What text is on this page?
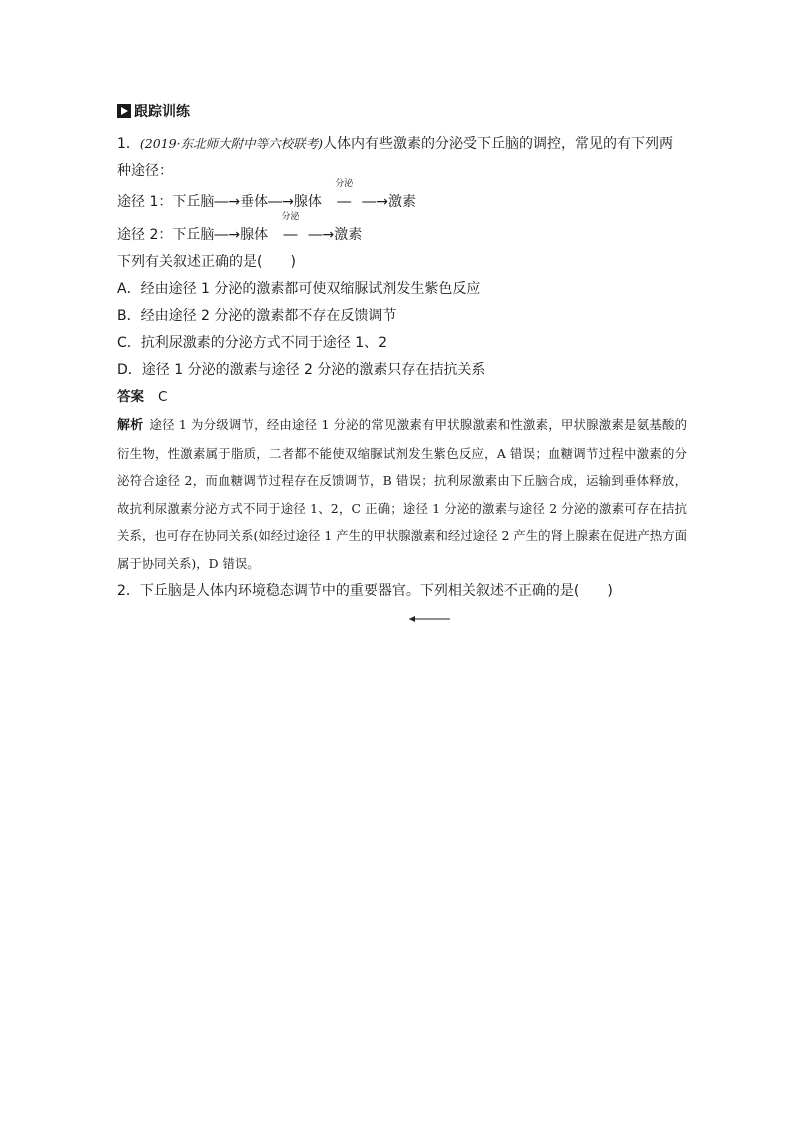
跟踪训练
1．(2019·东北师大附中等六校联考)人体内有些激素的分泌受下丘脑的调控，常见的有下列两
种途径：
途径 1：下丘脑―→垂体―→腺体
分泌
― ―→激素
途径 2：下丘脑―→腺体
分泌
― ―→激素
下列有关叙述正确的是(　　)
A．经由途径 1 分泌的激素都可使双缩脲试剂发生紫色反应
B．经由途径 2 分泌的激素都不存在反馈调节
C．抗利尿激素的分泌方式不同于途径 1、2
D．途径 1 分泌的激素与途径 2 分泌的激素只存在拮抗关系
答案 C
解析 途径 1 为分级调节，经由途径 1 分泌的常见激素有甲状腺激素和性激素，甲状腺激素是氨基酸的衍生物，性激素属于脂质，二者都不能使双缩脲试剂发生紫色反应，A 错误；血糖调节过程中激素的分泌符合途径 2，而血糖调节过程存在反馈调节，B 错误；抗利尿激素由下丘脑合成，运输到垂体释放，故抗利尿激素分泌方式不同于途径 1、2，C 正确；途径 1 分泌的激素与途径 2 分泌的激素可存在拮抗关系，也可存在协同关系(如经过途径 1 产生的甲状腺激素和经过途径 2 产生的肾上腺素在促进产热方面属于协同关系)，D 错误。
2．下丘脑是人体内环境稳态调节中的重要器官。下列相关叙述不正确的是(　　)
